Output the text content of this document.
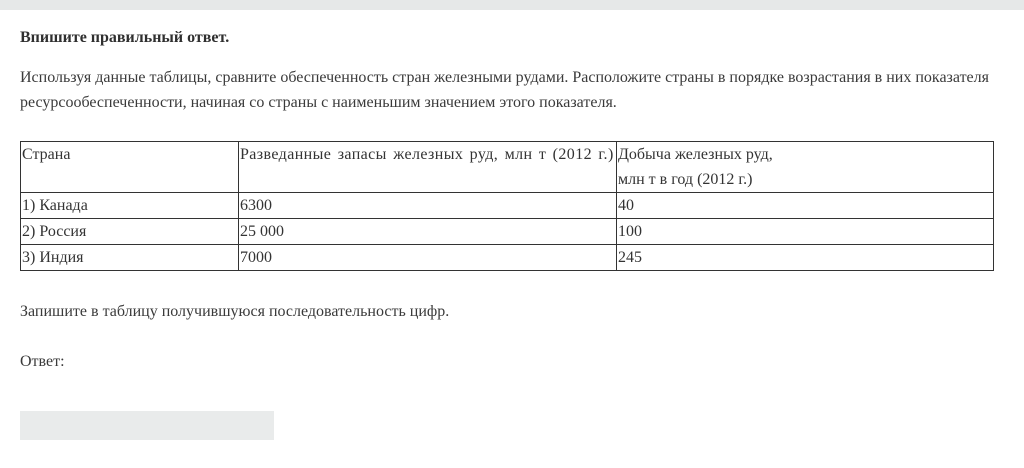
Впишите правильный ответ.

Используя данные таблицы, сравните обеспеченность стран железными рудами. Расположите страны в порядке возрастания в них показателя ресурсообеспеченности, начиная со страны с наименьшим значением этого показателя.

Страна	Разведанные запасы железных руд, млн т (2012 г.)	Добыча железных руд,
млн т в год (2012 г.)
1) Канада	6300	40
2) Россия	25 000	100
3) Индия	7000	245

Запишите в таблицу получившуюся последовательность цифр.

Ответ:
